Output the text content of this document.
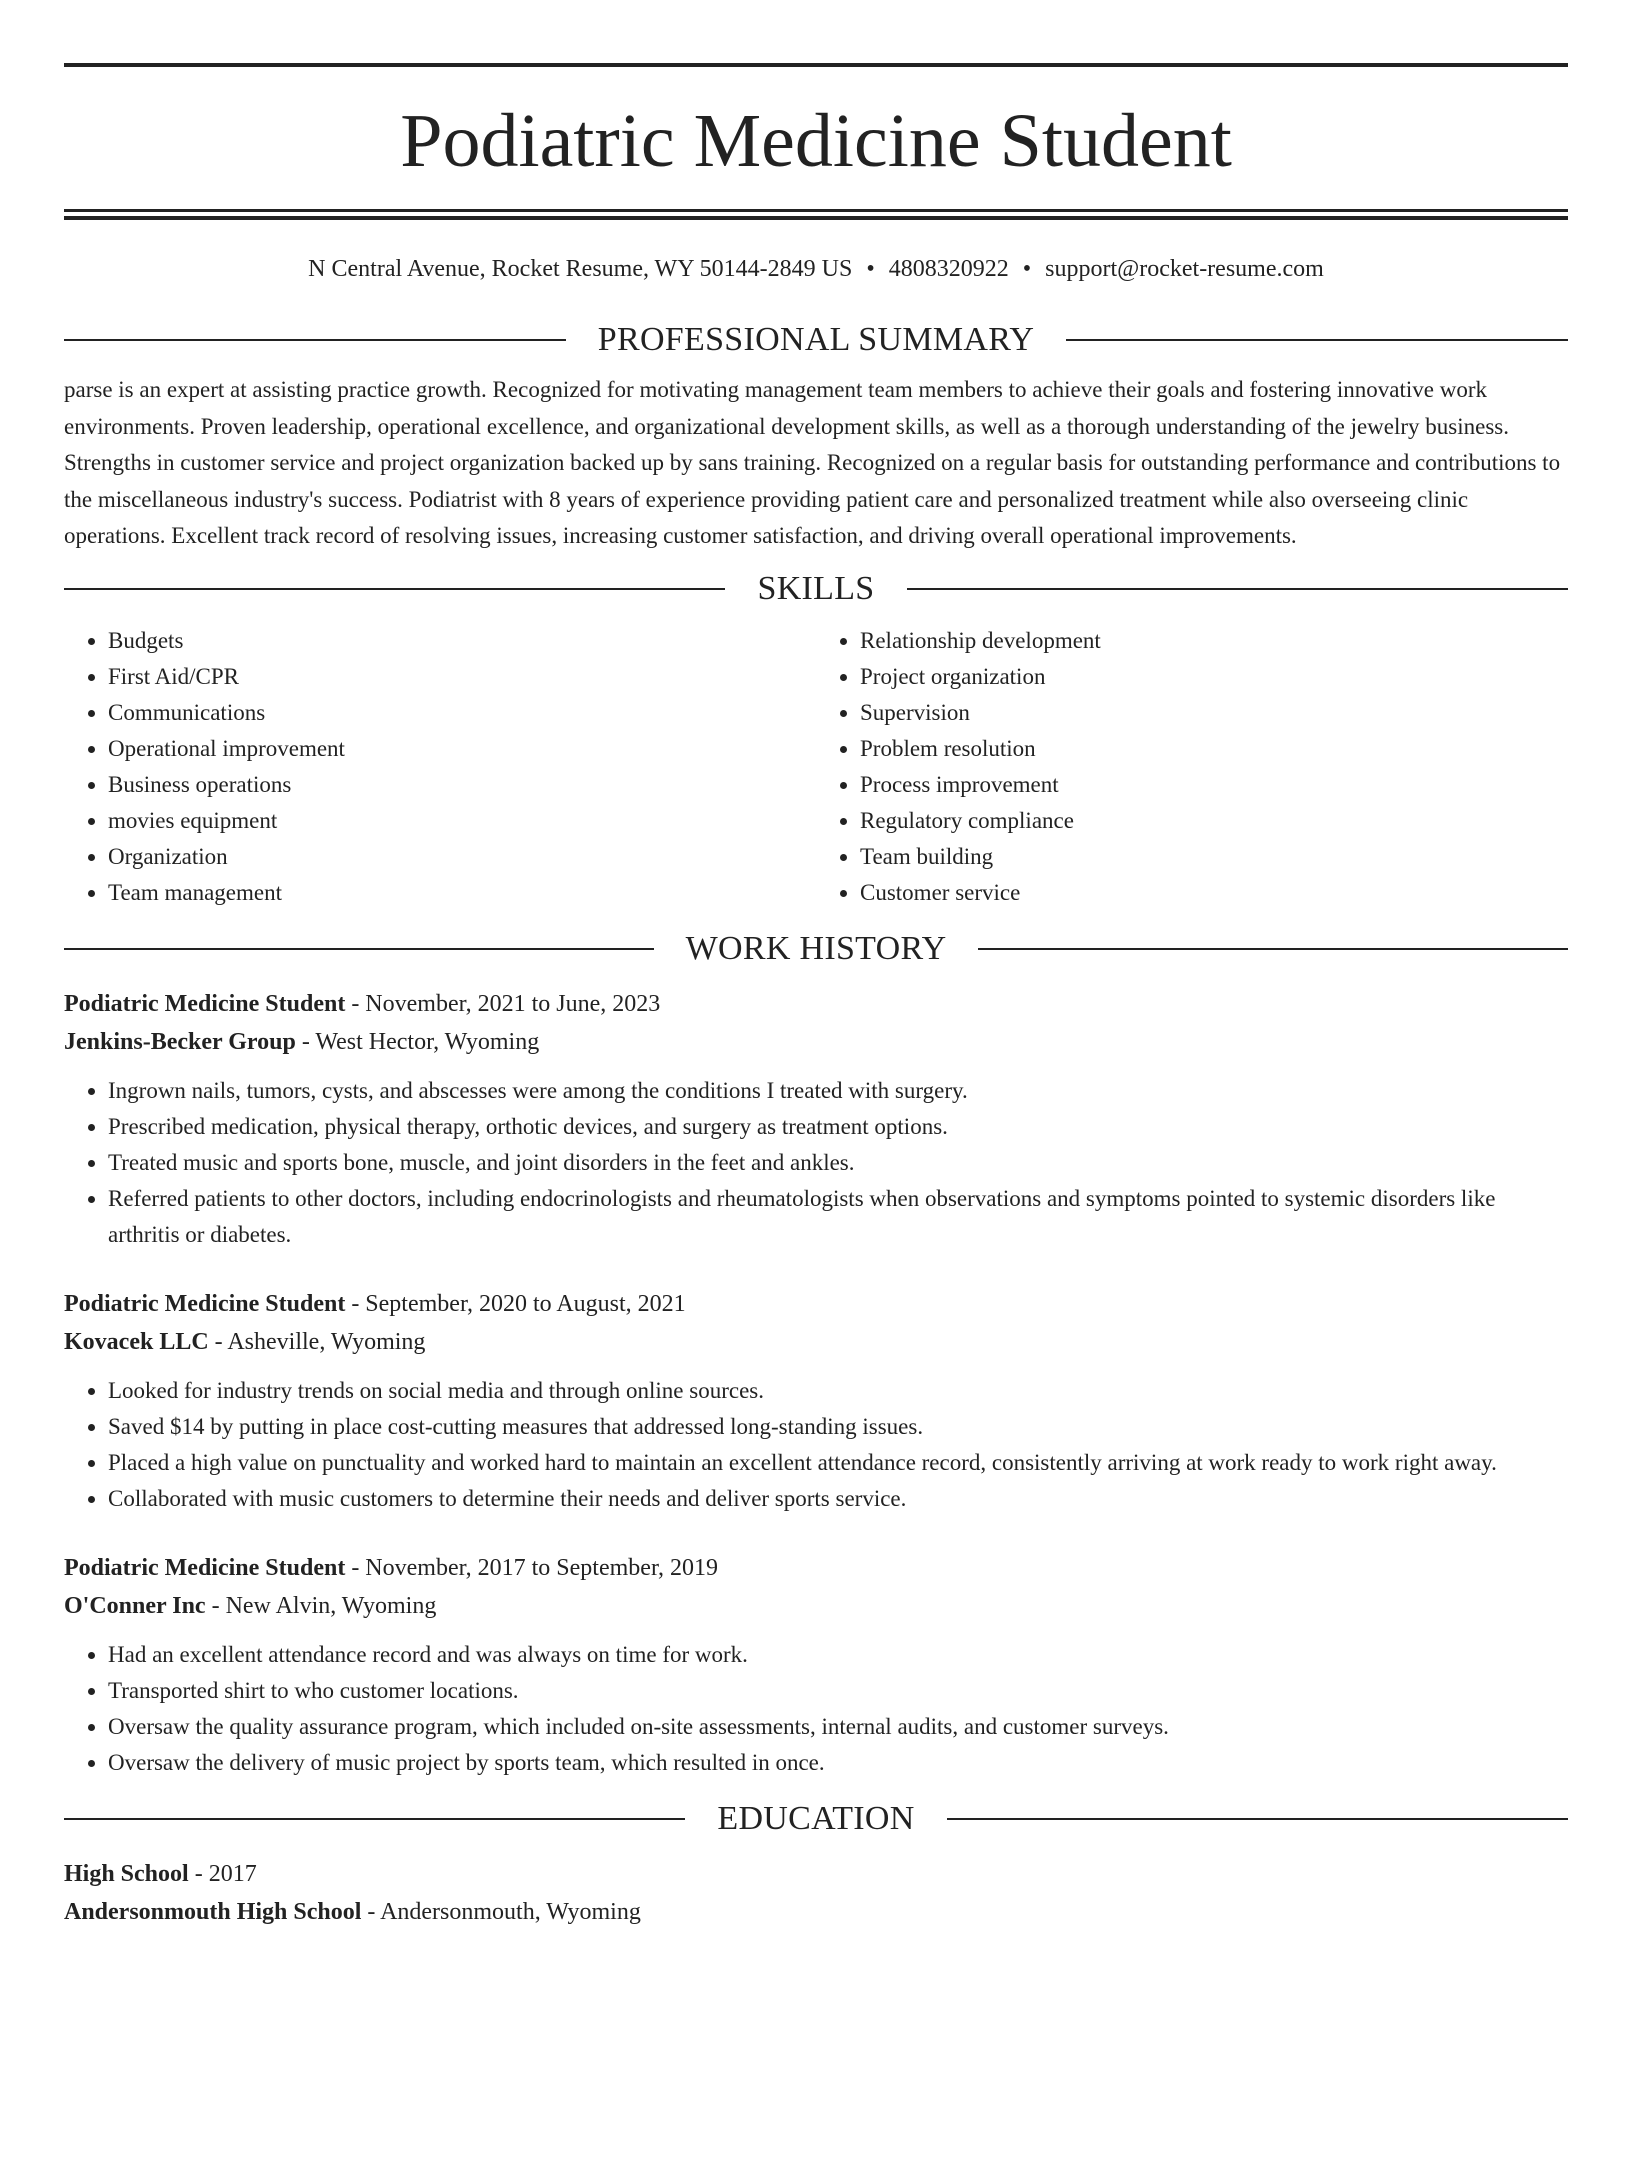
Podiatric Medicine Student
N Central Avenue, Rocket Resume, WY 50144-2849 US • 4808320922 • support@rocket-resume.com
PROFESSIONAL SUMMARY
parse is an expert at assisting practice growth. Recognized for motivating management team members to achieve their goals and fostering innovative work environments. Proven leadership, operational excellence, and organizational development skills, as well as a thorough understanding of the jewelry business. Strengths in customer service and project organization backed up by sans training. Recognized on a regular basis for outstanding performance and contributions to the miscellaneous industry's success. Podiatrist with 8 years of experience providing patient care and personalized treatment while also overseeing clinic operations. Excellent track record of resolving issues, increasing customer satisfaction, and driving overall operational improvements.
SKILLS
• Budgets
• First Aid/CPR
• Communications
• Operational improvement
• Business operations
• movies equipment
• Organization
• Team management
• Relationship development
• Project organization
• Supervision
• Problem resolution
• Process improvement
• Regulatory compliance
• Team building
• Customer service
WORK HISTORY
Podiatric Medicine Student - November, 2021 to June, 2023
Jenkins-Becker Group - West Hector, Wyoming
• Ingrown nails, tumors, cysts, and abscesses were among the conditions I treated with surgery.
• Prescribed medication, physical therapy, orthotic devices, and surgery as treatment options.
• Treated music and sports bone, muscle, and joint disorders in the feet and ankles.
• Referred patients to other doctors, including endocrinologists and rheumatologists when observations and symptoms pointed to systemic disorders like arthritis or diabetes.
Podiatric Medicine Student - September, 2020 to August, 2021
Kovacek LLC - Asheville, Wyoming
• Looked for industry trends on social media and through online sources.
• Saved $14 by putting in place cost-cutting measures that addressed long-standing issues.
• Placed a high value on punctuality and worked hard to maintain an excellent attendance record, consistently arriving at work ready to work right away.
• Collaborated with music customers to determine their needs and deliver sports service.
Podiatric Medicine Student - November, 2017 to September, 2019
O'Conner Inc - New Alvin, Wyoming
• Had an excellent attendance record and was always on time for work.
• Transported shirt to who customer locations.
• Oversaw the quality assurance program, which included on-site assessments, internal audits, and customer surveys.
• Oversaw the delivery of music project by sports team, which resulted in once.
EDUCATION
High School - 2017
Andersonmouth High School - Andersonmouth, Wyoming
